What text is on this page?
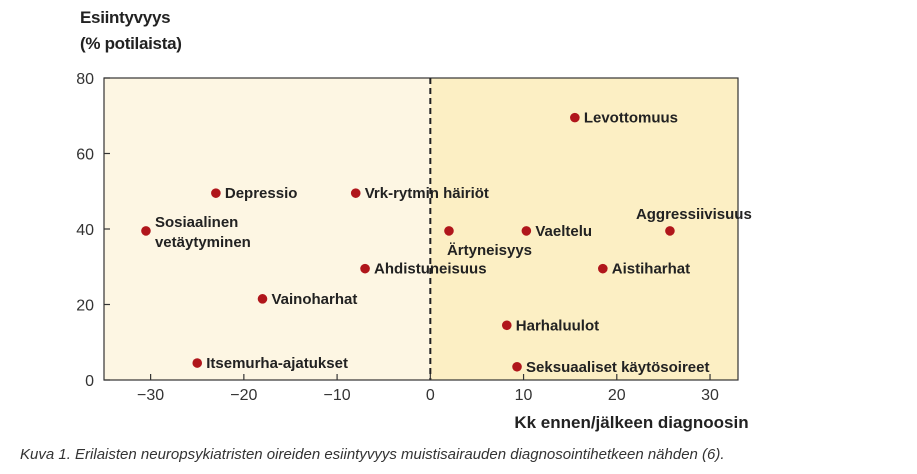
Esiintyvyys
(% potilaista)
0
20
40
60
80
−30	−20	−10	0	10	20	30
Kk ennen/jälkeen diagnoosin
Levottomuus
Depressio	Vrk-rytmin häiriöt
Aggressiivisuus
Sosiaalinen vetäytyminen	Ärtyneisyys
Vaeltelu
Ahdistuneisuus	Aistiharhat
Vainoharhat
Harhaluulot
Itsemurha-ajatukset	Seksuaaliset käytösoireet
Kuva 1. Erilaisten neuropsykiatristen oireiden esiintyvyys muistisairauden diagnosointihetkeen nähden (6).
